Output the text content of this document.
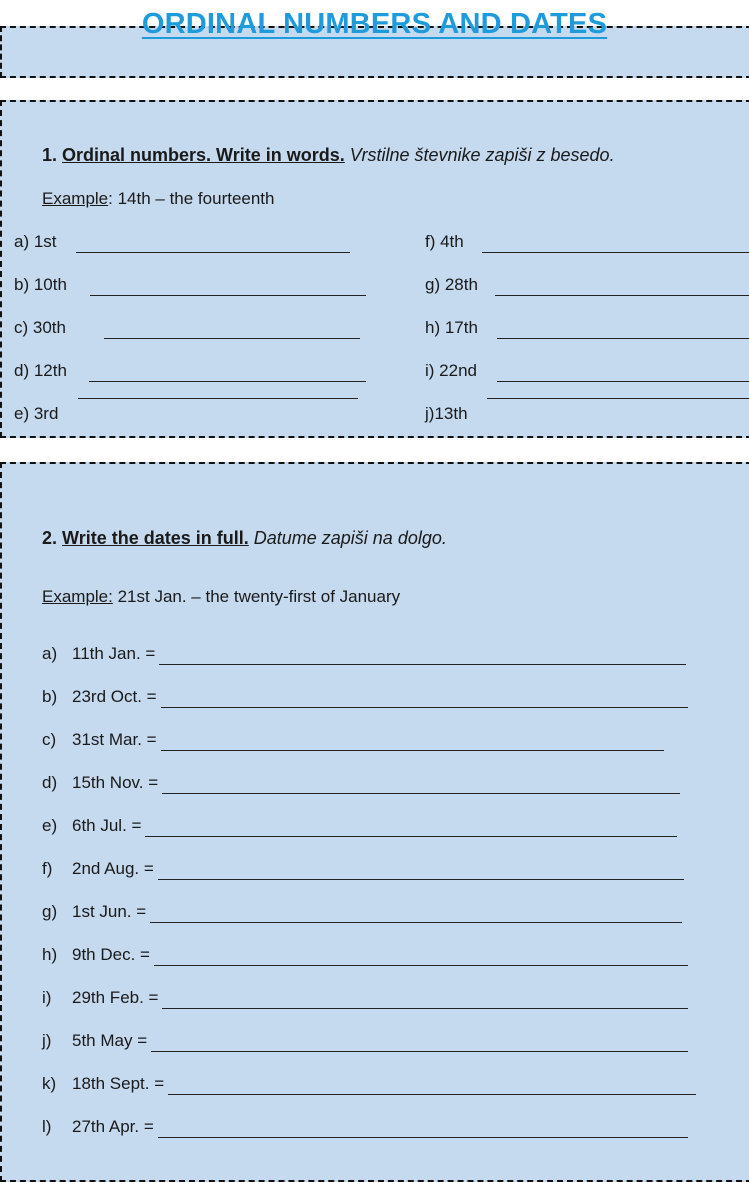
ORDINAL NUMBERS AND DATES
1. Ordinal numbers. Write in words. Vrstilne števnike zapiši z besedo.
Example: 14th – the fourteenth
a) 1st
b) 10th
c) 30th
d) 12th
e) 3rd
f) 4th
g) 28th
h) 17th
i) 22nd
j)13th
2. Write the dates in full. Datume zapiši na dolgo.
Example: 21st Jan. – the twenty-first of January
a) 11th Jan. =
b) 23rd Oct. =
c) 31st Mar. =
d) 15th Nov. =
e) 6th Jul. =
f) 2nd Aug. =
g) 1st Jun. =
h) 9th Dec. =
i) 29th Feb. =
j) 5th May =
k) 18th Sept. =
l) 27th Apr. =
